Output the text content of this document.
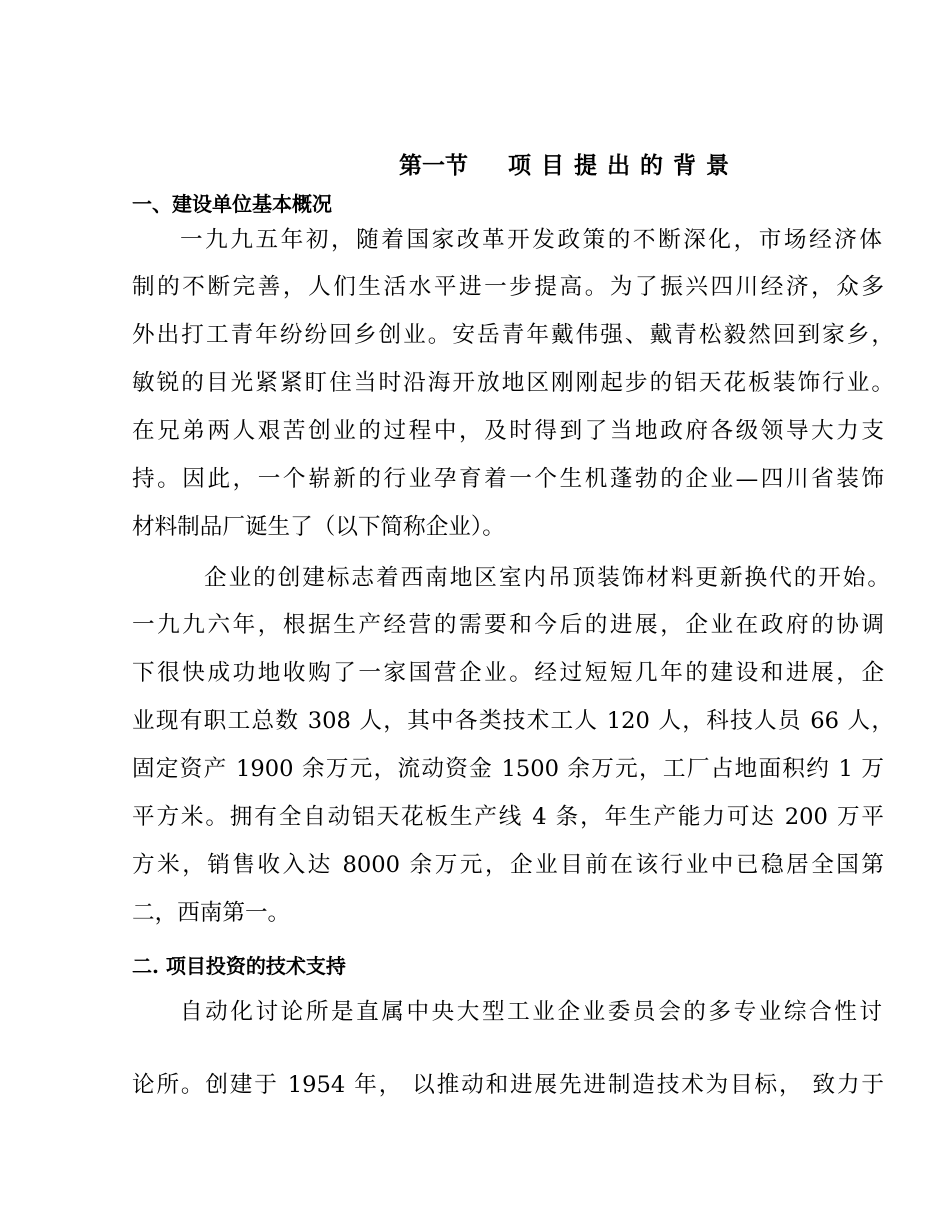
第一节 项目提出的背景
一、建设单位基本概况
一九九五年初，随着国家改革开发政策的不断深化，市场经济体
制的不断完善，人们生活水平进一步提高。为了振兴四川经济，众多
外出打工青年纷纷回乡创业。安岳青年戴伟强、戴青松毅然回到家乡，
敏锐的目光紧紧盯住当时沿海开放地区刚刚起步的铝天花板装饰行业。
在兄弟两人艰苦创业的过程中，及时得到了当地政府各级领导大力支
持。因此，一个崭新的行业孕育着一个生机蓬勃的企业—四川省装饰
材料制品厂诞生了（以下简称企业）。
企业的创建标志着西南地区室内吊顶装饰材料更新换代的开始。
一九九六年，根据生产经营的需要和今后的进展，企业在政府的协调
下很快成功地收购了一家国营企业。经过短短几年的建设和进展，企
业现有职工总数 308 人，其中各类技术工人 120 人，科技人员 66 人，
固定资产 1900 余万元，流动资金 1500 余万元，工厂占地面积约 1 万
平方米。拥有全自动铝天花板生产线 4 条，年生产能力可达 200 万平
方米，销售收入达 8000 余万元，企业目前在该行业中已稳居全国第
二，西南第一。
二. 项目投资的技术支持
自动化讨论所是直属中央大型工业企业委员会的多专业综合性讨
论所。创建于 1954 年， 以推动和进展先进制造技术为目标， 致力于
